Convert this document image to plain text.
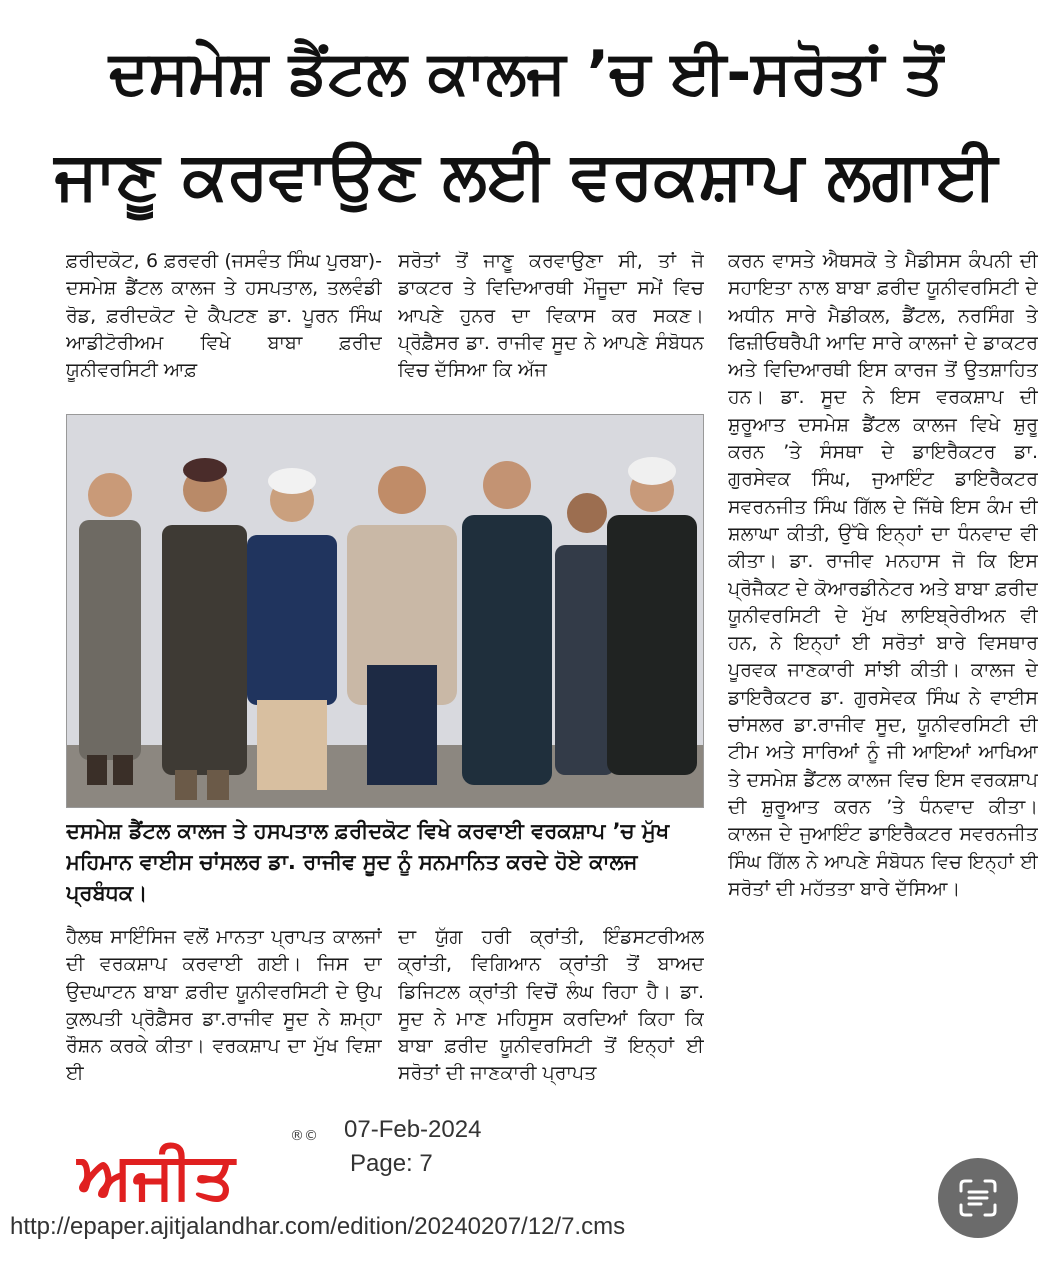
ਦਸਮੇਸ਼ ਡੈਂਟਲ ਕਾਲਜ ’ਚ ਈ-ਸਰੋਤਾਂ ਤੋਂ
ਜਾਣੂ ਕਰਵਾਉਣ ਲਈ ਵਰਕਸ਼ਾਪ ਲਗਾਈ
ਫ਼ਰੀਦਕੋਟ, 6 ਫ਼ਰਵਰੀ (ਜਸਵੰਤ ਸਿੰਘ ਪੁਰਬਾ)-ਦਸਮੇਸ਼ ਡੈਂਟਲ ਕਾਲਜ ਤੇ ਹਸਪਤਾਲ, ਤਲਵੰਡੀ ਰੋਡ, ਫ਼ਰੀਦਕੋਟ ਦੇ ਕੈਪਟਣ ਡਾ. ਪੂਰਨ ਸਿੰਘ ਆਡੀਟੋਰੀਅਮ ਵਿਖੇ ਬਾਬਾ ਫ਼ਰੀਦ ਯੂਨੀਵਰਸਿਟੀ ਆਫ਼
ਸਰੋਤਾਂ ਤੋਂ ਜਾਣੂ ਕਰਵਾਉਣਾ ਸੀ, ਤਾਂ ਜੋ ਡਾਕਟਰ ਤੇ ਵਿਦਿਆਰਥੀ ਮੌਜੂਦਾ ਸਮੇਂ ਵਿਚ ਆਪਣੇ ਹੁਨਰ ਦਾ ਵਿਕਾਸ ਕਰ ਸਕਣ। ਪ੍ਰੋਫ਼ੈਸਰ ਡਾ. ਰਾਜੀਵ ਸੂਦ ਨੇ ਆਪਣੇ ਸੰਬੋਧਨ ਵਿਚ ਦੱਸਿਆ ਕਿ ਅੱਜ
ਕਰਨ ਵਾਸਤੇ ਐਥਸਕੋ ਤੇ ਮੈਡੀਸਸ ਕੰਪਨੀ ਦੀ ਸਹਾਇਤਾ ਨਾਲ ਬਾਬਾ ਫ਼ਰੀਦ ਯੂਨੀਵਰਸਿਟੀ ਦੇ ਅਧੀਨ ਸਾਰੇ ਮੈਡੀਕਲ, ਡੈਂਟਲ, ਨਰਸਿੰਗ ਤੇ ਫਿਜ਼ੀਓਥਰੈਪੀ ਆਦਿ ਸਾਰੇ ਕਾਲਜਾਂ ਦੇ ਡਾਕਟਰ ਅਤੇ ਵਿਦਿਆਰਥੀ ਇਸ ਕਾਰਜ ਤੋਂ ਉਤਸ਼ਾਹਿਤ ਹਨ। ਡਾ. ਸੂਦ ਨੇ ਇਸ ਵਰਕਸ਼ਾਪ ਦੀ ਸ਼ੁਰੂਆਤ ਦਸਮੇਸ਼ ਡੈਂਟਲ ਕਾਲਜ ਵਿਖੇ ਸ਼ੁਰੂ ਕਰਨ ’ਤੇ ਸੰਸਥਾ ਦੇ ਡਾਇਰੈਕਟਰ ਡਾ. ਗੁਰਸੇਵਕ ਸਿੰਘ, ਜੁਆਇੰਟ ਡਾਇਰੈਕਟਰ ਸਵਰਨਜੀਤ ਸਿੰਘ ਗਿੱਲ ਦੇ ਜਿੱਥੇ ਇਸ ਕੰਮ ਦੀ ਸ਼ਲਾਘਾ ਕੀਤੀ, ਉੱਥੇ ਇਨ੍ਹਾਂ ਦਾ ਧੰਨਵਾਦ ਵੀ ਕੀਤਾ। ਡਾ. ਰਾਜੀਵ ਮਨਹਾਸ ਜੋ ਕਿ ਇਸ ਪ੍ਰੋਜੈਕਟ ਦੇ ਕੋਆਰਡੀਨੇਟਰ ਅਤੇ ਬਾਬਾ ਫ਼ਰੀਦ ਯੂਨੀਵਰਸਿਟੀ ਦੇ ਮੁੱਖ ਲਾਇਬ੍ਰੇਰੀਅਨ ਵੀ ਹਨ, ਨੇ ਇਨ੍ਹਾਂ ਈ ਸਰੋਤਾਂ ਬਾਰੇ ਵਿਸਥਾਰ ਪੂਰਵਕ ਜਾਣਕਾਰੀ ਸਾਂਝੀ ਕੀਤੀ। ਕਾਲਜ ਦੇ ਡਾਇਰੈਕਟਰ ਡਾ. ਗੁਰਸੇਵਕ ਸਿੰਘ ਨੇ ਵਾਈਸ ਚਾਂਸਲਰ ਡਾ.ਰਾਜੀਵ ਸੂਦ, ਯੂਨੀਵਰਸਿਟੀ ਦੀ ਟੀਮ ਅਤੇ ਸਾਰਿਆਂ ਨੂੰ ਜੀ ਆਇਆਂ ਆਖਿਆ ਤੇ ਦਸਮੇਸ਼ ਡੈਂਟਲ ਕਾਲਜ ਵਿਚ ਇਸ ਵਰਕਸ਼ਾਪ ਦੀ ਸ਼ੁਰੂਆਤ ਕਰਨ ’ਤੇ ਧੰਨਵਾਦ ਕੀਤਾ। ਕਾਲਜ ਦੇ ਜੁਆਇੰਟ ਡਾਇਰੈਕਟਰ ਸਵਰਨਜੀਤ ਸਿੰਘ ਗਿੱਲ ਨੇ ਆਪਣੇ ਸੰਬੋਧਨ ਵਿਚ ਇਨ੍ਹਾਂ ਈ ਸਰੋਤਾਂ ਦੀ ਮਹੱਤਤਾ ਬਾਰੇ ਦੱਸਿਆ।
ਦਸਮੇਸ਼ ਡੈਂਟਲ ਕਾਲਜ ਤੇ ਹਸਪਤਾਲ ਫ਼ਰੀਦਕੋਟ ਵਿਖੇ ਕਰਵਾਈ ਵਰਕਸ਼ਾਪ ’ਚ ਮੁੱਖ ਮਹਿਮਾਨ ਵਾਈਸ ਚਾਂਸਲਰ ਡਾ. ਰਾਜੀਵ ਸੂਦ ਨੂੰ ਸਨਮਾਨਿਤ ਕਰਦੇ ਹੋਏ ਕਾਲਜ ਪ੍ਰਬੰਧਕ।
ਹੈਲਥ ਸਾਇੰਸਿਜ ਵਲੋਂ ਮਾਨਤਾ ਪ੍ਰਾਪਤ ਕਾਲਜਾਂ ਦੀ ਵਰਕਸ਼ਾਪ ਕਰਵਾਈ ਗਈ। ਜਿਸ ਦਾ ਉਦਘਾਟਨ ਬਾਬਾ ਫ਼ਰੀਦ ਯੂਨੀਵਰਸਿਟੀ ਦੇ ਉਪ ਕੁਲਪਤੀ ਪ੍ਰੋਫ਼ੈਸਰ ਡਾ.ਰਾਜੀਵ ਸੂਦ ਨੇ ਸ਼ਮ੍ਹਾ ਰੌਸ਼ਨ ਕਰਕੇ ਕੀਤਾ। ਵਰਕਸ਼ਾਪ ਦਾ ਮੁੱਖ ਵਿਸ਼ਾ ਈ
ਦਾ ਯੁੱਗ ਹਰੀ ਕ੍ਰਾਂਤੀ, ਇੰਡਸਟਰੀਅਲ ਕ੍ਰਾਂਤੀ, ਵਿਗਿਆਨ ਕ੍ਰਾਂਤੀ ਤੋਂ ਬਾਅਦ ਡਿਜਿਟਲ ਕ੍ਰਾਂਤੀ ਵਿਚੋਂ ਲੰਘ ਰਿਹਾ ਹੈ। ਡਾ. ਸੂਦ ਨੇ ਮਾਣ ਮਹਿਸੂਸ ਕਰਦਿਆਂ ਕਿਹਾ ਕਿ ਬਾਬਾ ਫ਼ਰੀਦ ਯੂਨੀਵਰਸਿਟੀ ਤੋਂ ਇਨ੍ਹਾਂ ਈ ਸਰੋਤਾਂ ਦੀ ਜਾਣਕਾਰੀ ਪ੍ਰਾਪਤ
ਅਜੀਤ
®© 07-Feb-2024
Page: 7
http://epaper.ajitjalandhar.com/edition/20240207/12/7.cms
